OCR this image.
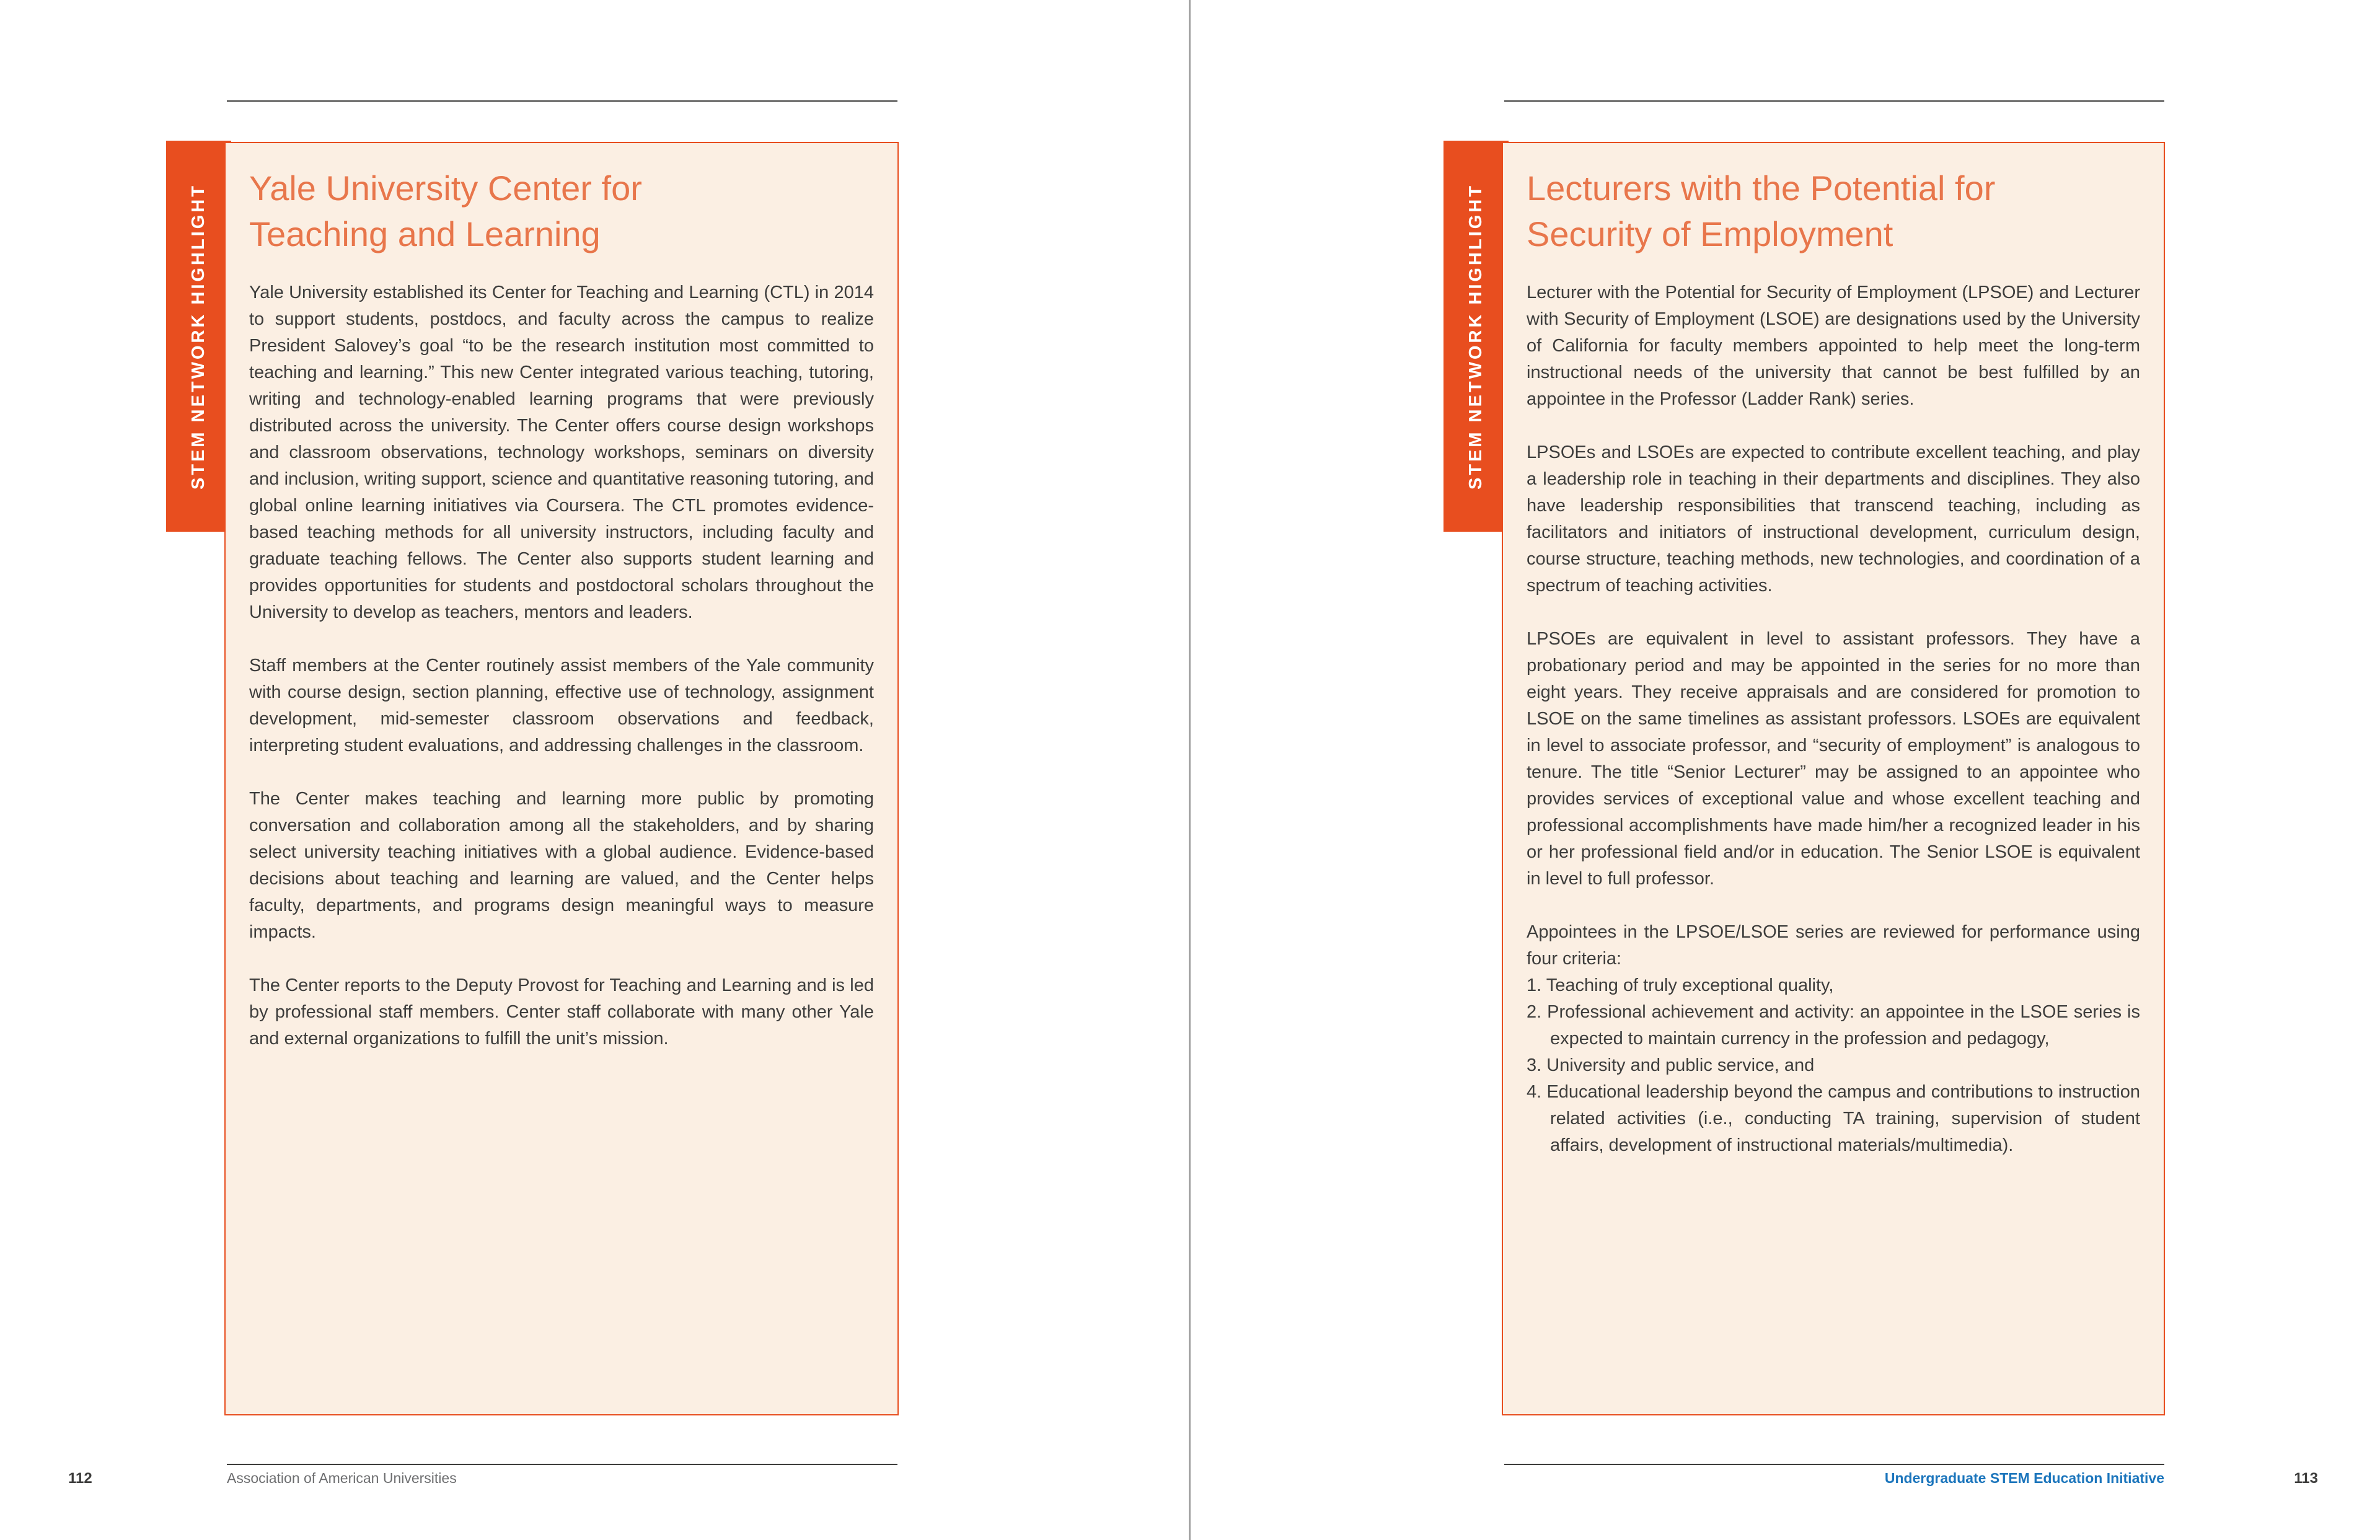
STEM NETWORK HIGHLIGHT Yale University Center for
Teaching and Learning

Yale University established its Center for Teaching and Learning (CTL) in 2014 to support students, postdocs, and faculty across the campus to realize President Salovey’s goal “to be the research institution most committed to teaching and learning.” This new Center integrated various teaching, tutoring, writing and technology-enabled learning programs that were previously distributed across the university. The Center offers course design workshops and classroom observations, technology workshops, seminars on diversity and inclusion, writing support, science and quantitative reasoning tutoring, and global online learning initiatives via Coursera. The CTL promotes evidence-based teaching methods for all university instructors, including faculty and graduate teaching fellows. The Center also supports student learning and provides opportunities for students and postdoctoral scholars throughout the University to develop as teachers, mentors and leaders.

Staff members at the Center routinely assist members of the Yale community with course design, section planning, effective use of technology, assignment development, mid-semester classroom observations and feedback, interpreting student evaluations, and addressing challenges in the classroom.

The Center makes teaching and learning more public by promoting conversation and collaboration among all the stakeholders, and by sharing select university teaching initiatives with a global audience. Evidence-based decisions about teaching and learning are valued, and the Center helps faculty, departments, and programs design meaningful ways to measure impacts.

The Center reports to the Deputy Provost for Teaching and Learning and is led by professional staff members. Center staff collaborate with many other Yale and external organizations to fulfill the unit’s mission.

112	Association of American Universities
STEM NETWORK HIGHLIGHT Lecturers with the Potential for
Security of Employment

Lecturer with the Potential for Security of Employment (LPSOE) and Lecturer with Security of Employment (LSOE) are designations used by the University of California for faculty members appointed to help meet the long-term instructional needs of the university that cannot be best fulfilled by an appointee in the Professor (Ladder Rank) series.

LPSOEs and LSOEs are expected to contribute excellent teaching, and play a leadership role in teaching in their departments and disciplines. They also have leadership responsibilities that transcend teaching, including as facilitators and initiators of instructional development, curriculum design, course structure, teaching methods, new technologies, and coordination of a spectrum of teaching activities.

LPSOEs are equivalent in level to assistant professors. They have a probationary period and may be appointed in the series for no more than eight years. They receive appraisals and are considered for promotion to LSOE on the same timelines as assistant professors. LSOEs are equivalent in level to associate professor, and “security of employment” is analogous to tenure. The title “Senior Lecturer” may be assigned to an appointee who provides services of exceptional value and whose excellent teaching and professional accomplishments have made him/her a recognized leader in his or her professional field and/or in education. The Senior LSOE is equivalent in level to full professor.

Appointees in the LPSOE/LSOE series are reviewed for performance using four criteria:

1. Teaching of truly exceptional quality,
2. Professional achievement and activity: an appointee in the LSOE series is expected to maintain currency in the profession and pedagogy,
3. University and public service, and
4. Educational leadership beyond the campus and contributions to instruction related activities (i.e., conducting TA training, supervision of student affairs, development of instructional materials/multimedia).
Undergraduate STEM Education Initiative	113
